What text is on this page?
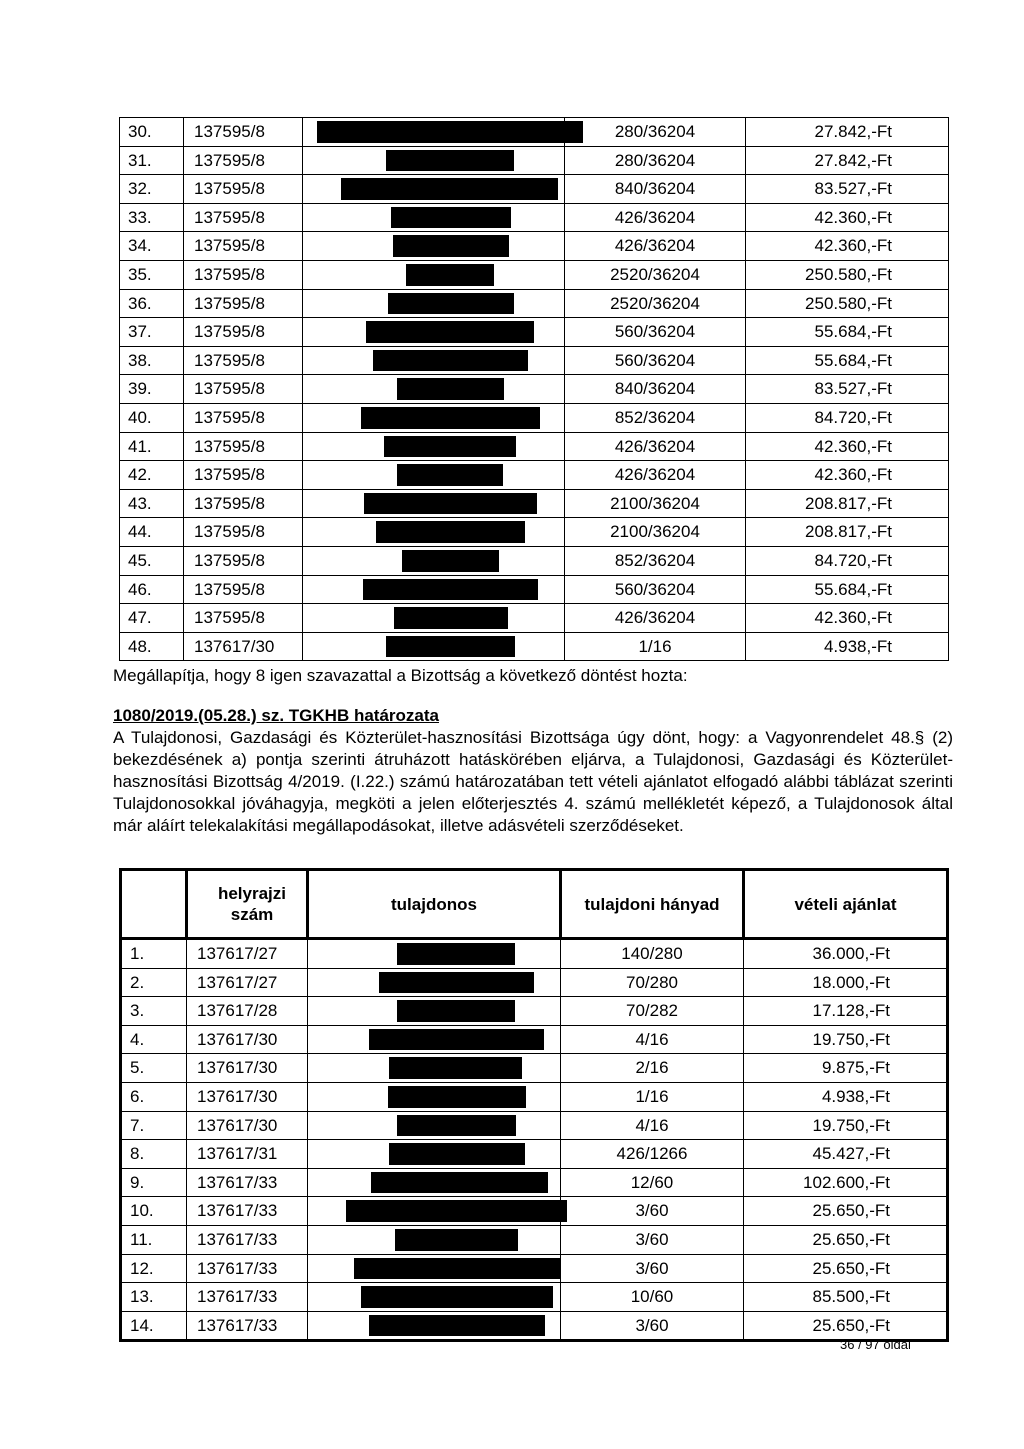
30.	137595/8		280/36204	27.842,-Ft
31.	137595/8		280/36204	27.842,-Ft
32.	137595/8		840/36204	83.527,-Ft
33.	137595/8		426/36204	42.360,-Ft
34.	137595/8		426/36204	42.360,-Ft
35.	137595/8		2520/36204	250.580,-Ft
36.	137595/8		2520/36204	250.580,-Ft
37.	137595/8		560/36204	55.684,-Ft
38.	137595/8		560/36204	55.684,-Ft
39.	137595/8		840/36204	83.527,-Ft
40.	137595/8		852/36204	84.720,-Ft
41.	137595/8		426/36204	42.360,-Ft
42.	137595/8		426/36204	42.360,-Ft
43.	137595/8		2100/36204	208.817,-Ft
44.	137595/8		2100/36204	208.817,-Ft
45.	137595/8		852/36204	84.720,-Ft
46.	137595/8		560/36204	55.684,-Ft
47.	137595/8		426/36204	42.360,-Ft
48.	137617/30		1/16	4.938,-Ft

Megállapítja, hogy 8 igen szavazattal a Bizottság a következő döntést hozta:

1080/2019.(05.28.) sz. TGKHB határozata

A Tulajdonosi, Gazdasági és Közterület-hasznosítási Bizottsága úgy dönt, hogy: a Vagyonrendelet 48.§ (2) bekezdésének a) pontja szerinti átruházott hatáskörében eljárva, a Tulajdonosi, Gazdasági és Közterület-hasznosítási Bizottság 4/2019. (I.22.) számú határozatában tett vételi ajánlatot elfogadó alábbi táblázat szerinti Tulajdonosokkal jóváhagyja, megköti a jelen előterjesztés 4. számú mellékletét képező, a Tulajdonosok által már aláírt telekalakítási megállapodásokat, illetve adásvételi szerződéseket.

	helyrajzi szám	tulajdonos	tulajdoni hányad	vételi ajánlat
1.	137617/27		140/280	36.000,-Ft
2.	137617/27		70/280	18.000,-Ft
3.	137617/28		70/282	17.128,-Ft
4.	137617/30		4/16	19.750,-Ft
5.	137617/30		2/16	9.875,-Ft
6.	137617/30		1/16	4.938,-Ft
7.	137617/30		4/16	19.750,-Ft
8.	137617/31		426/1266	45.427,-Ft
9.	137617/33		12/60	102.600,-Ft
10.	137617/33		3/60	25.650,-Ft
11.	137617/33		3/60	25.650,-Ft
12.	137617/33		3/60	25.650,-Ft
13.	137617/33		10/60	85.500,-Ft
14.	137617/33		3/60	25.650,-Ft
36 / 97 oldal
